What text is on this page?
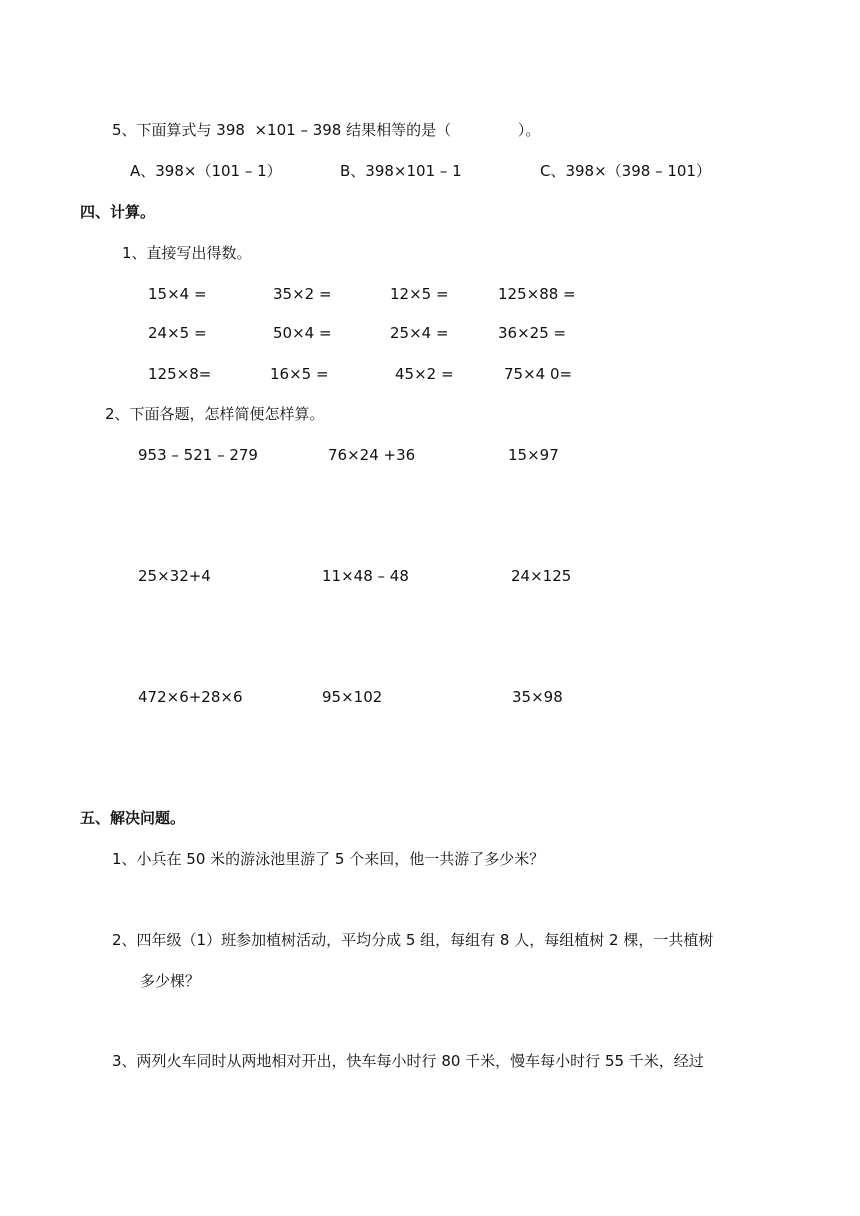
5、下面算式与 398  ×101 – 398 结果相等的是（              ）。
A、398×（101 – 1）	B、398×101 – 1	C、398×（398 – 101）
四、计算。
1、直接写出得数。
15×4 =	35×2 =	12×5 =	125×88 =
24×5 =	50×4 =	25×4 =	36×25 =
125×8=	16×5 =	45×2 =	75×4 0=
2、下面各题，怎样简便怎样算。
953 – 521 – 279	76×24 +36	15×97
25×32+4	11×48 – 48	24×125
472×6+28×6	95×102	35×98
五、解决问题。
1、小兵在 50 米的游泳池里游了 5 个来回，他一共游了多少米？
2、四年级（1）班参加植树活动，平均分成 5 组，每组有 8 人，每组植树 2 棵，一共植树
多少棵？
3、两列火车同时从两地相对开出，快车每小时行 80 千米，慢车每小时行 55 千米，经过
